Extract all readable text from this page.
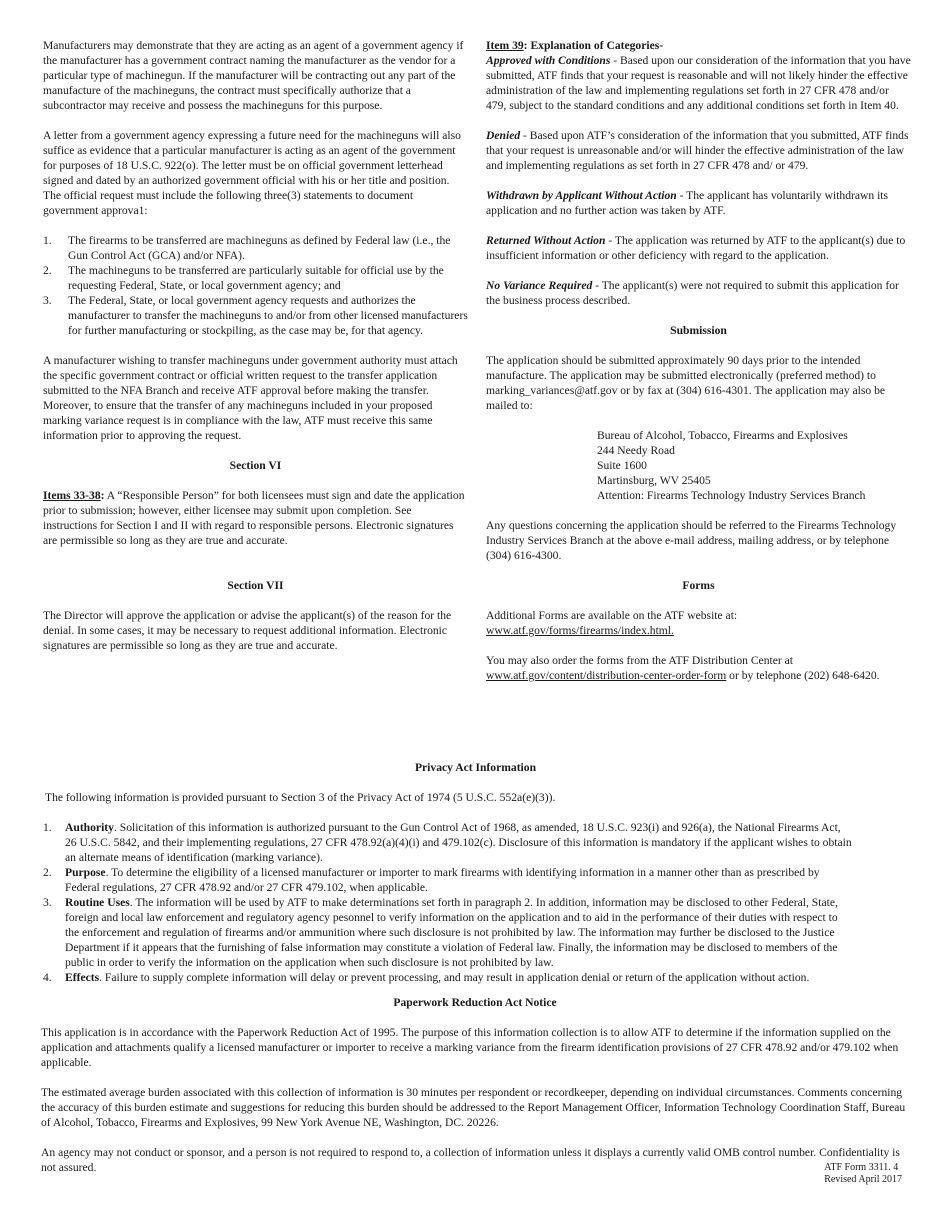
Manufacturers may demonstrate that they are acting as an agent of a government agency if the manufacturer has a government contract naming the manufacturer as the vendor for a particular type of machinegun. If the manufacturer will be contracting out any part of the manufacture of the machineguns, the contract must specifically authorize that a subcontractor may receive and possess the machineguns for this purpose.

A letter from a government agency expressing a future need for the machineguns will also suffice as evidence that a particular manufacturer is acting as an agent of the government for purposes of 18 U.S.C. 922(o). The letter must be on official government letterhead signed and dated by an authorized government official with his or her title and position. The official request must include the following three(3) statements to document government approva1:

1.	The firearms to be transferred are machineguns as defined by Federal law (i.e., the Gun Control Act (GCA) and/or NFA).
2.	The machineguns to be transferred are particularly suitable for official use by the requesting Federal, State, or local government agency; and
3.	The Federal, State, or local government agency requests and authorizes the manufacturer to transfer the machineguns to and/or from other licensed manufacturers for further manufacturing or stockpiling, as the case may be, for that agency.

A manufacturer wishing to transfer machineguns under government authority must attach the specific government contract or official written request to the transfer application submitted to the NFA Branch and receive ATF approval before making the transfer. Moreover, to ensure that the transfer of any machineguns included in your proposed marking variance request is in compliance with the law, ATF must receive this same information prior to approving the request.

Section VI

Items 33-38: A “Responsible Person” for both licensees must sign and date the application prior to submission; however, either licensee may submit upon completion. See instructions for Section I and II with regard to responsible persons. Electronic signatures are permissible so long as they are true and accurate.

Section VII

The Director will approve the application or advise the applicant(s) of the reason for the denial. In some cases, it may be necessary to request additional information. Electronic signatures are permissible so long as they are true and accurate.

Item 39: Explanation of Categories-

Approved with Conditions - Based upon our consideration of the information that you have submitted, ATF finds that your request is reasonable and will not likely hinder the effective administration of the law and implementing regulations set forth in 27 CFR 478 and/or 479, subject to the standard conditions and any additional conditions set forth in Item 40.

Denied - Based upon ATF’s consideration of the information that you submitted, ATF finds that your request is unreasonable and/or will hinder the effective administration of the law and implementing regulations as set forth in 27 CFR 478 and/ or 479.

Withdrawn by Applicant Without Action - The applicant has voluntarily withdrawn its application and no further action was taken by ATF.

Returned Without Action - The application was returned by ATF to the applicant(s) due to insufficient information or other deficiency with regard to the application.

No Variance Required - The applicant(s) were not required to submit this application for the business process described.

Submission

The application should be submitted approximately 90 days prior to the intended manufacture. The application may be submitted electronically (preferred method) to marking_variances@atf.gov or by fax at (304) 616-4301. The application may also be mailed to:

Bureau of Alcohol, Tobacco, Firearms and Explosives

244 Needy Road

Suite 1600

Martinsburg, WV 25405

Attention: Firearms Technology Industry Services Branch

Any questions concerning the application should be referred to the Firearms Technology Industry Services Branch at the above e-mail address, mailing address, or by telephone (304) 616-4300.

Forms

Additional Forms are available on the ATF website at:

www.atf.gov/forms/firearms/index.html.

You may also order the forms from the ATF Distribution Center at
www.atf.gov/content/distribution-center-order-form or by telephone (202) 648-6420.

Privacy Act Information

The following information is provided pursuant to Section 3 of the Privacy Act of 1974 (5 U.S.C. 552a(e)(3)).

1.	Authority. Solicitation of this information is authorized pursuant to the Gun Control Act of 1968, as amended, 18 U.S.C. 923(i) and 926(a), the National Firearms Act, 26 U.S.C. 5842, and their implementing regulations, 27 CFR 478.92(a)(4)(i) and 479.102(c). Disclosure of this information is mandatory if the applicant wishes to obtain an alternate means of identification (marking variance).
2.	Purpose. To determine the eligibility of a licensed manufacturer or importer to mark firearms with identifying information in a manner other than as prescribed by Federal regulations, 27 CFR 478.92 and/or 27 CFR 479.102, when applicable.
3.	Routine Uses. The information will be used by ATF to make determinations set forth in paragraph 2. In addition, information may be disclosed to other Federal, State, foreign and local law enforcement and regulatory agency pesonnel to verify information on the application and to aid in the performance of their duties with respect to the enforcement and regulation of firearms and/or ammunition where such disclosure is not prohibited by law. The information may further be disclosed to the Justice Department if it appears that the furnishing of false information may constitute a violation of Federal law. Finally, the information may be disclosed to members of the public in order to verify the information on the application when such disclosure is not prohibited by law.
4.	Effects. Failure to supply complete information will delay or prevent processing, and may result in application denial or return of the application without action.

Paperwork Reduction Act Notice

This application is in accordance with the Paperwork Reduction Act of 1995. The purpose of this information collection is to allow ATF to determine if the information supplied on the application and attachments qualify a licensed manufacturer or importer to receive a marking variance from the firearm identification provisions of 27 CFR 478.92 and/or 479.102 when applicable.

The estimated average burden associated with this collection of information is 30 minutes per respondent or recordkeeper, depending on individual circumstances. Comments concerning the accuracy of this burden estimate and suggestions for reducing this burden should be addressed to the Report Management Officer, Information Technology Coordination Staff, Bureau of Alcohol, Tobacco, Firearms and Explosives, 99 New York Avenue NE, Washington, DC. 20226.

An agency may not conduct or sponsor, and a person is not required to respond to, a collection of information unless it displays a currently valid OMB control number. Confidentiality is not assured.	ATF Form 3311. 4

Revised April 2017
